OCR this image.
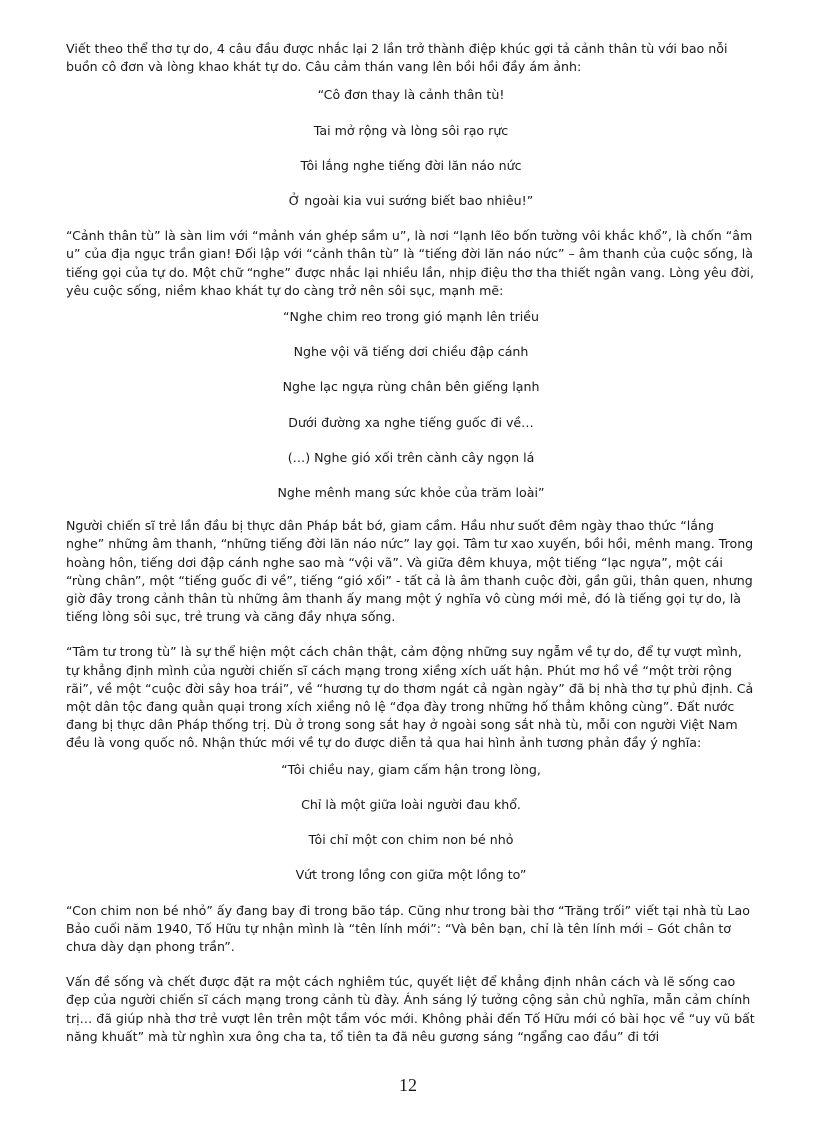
Viết theo thể thơ tự do, 4 câu đầu được nhắc lại 2 lần trở thành điệp khúc gợi tả cảnh thân tù với bao nỗi buồn cô đơn và lòng khao khát tự do. Câu cảm thán vang lên bồi hồi đầy ám ảnh:

“Cô đơn thay là cảnh thân tù!

Tai mở rộng và lòng sôi rạo rực

Tôi lắng nghe tiếng đời lăn náo nức

Ở ngoài kia vui sướng biết bao nhiêu!”

“Cảnh thân tù” là sàn lim với “mảnh ván ghép sầm u”, là nơi “lạnh lẽo bốn tường vôi khắc khổ”, là chốn “âm u” của địa ngục trần gian! Đối lập với “cảnh thân tù” là “tiếng đời lăn náo nức” – âm thanh của cuộc sống, là tiếng gọi của tự do. Một chữ “nghe” được nhắc lại nhiều lần, nhịp điệu thơ tha thiết ngân vang. Lòng yêu đời, yêu cuộc sống, niềm khao khát tự do càng trở nên sôi sục, mạnh mẽ:

“Nghe chim reo trong gió mạnh lên triều

Nghe vội vã tiếng dơi chiều đập cánh

Nghe lạc ngựa rùng chân bên giếng lạnh

Dưới đường xa nghe tiếng guốc đi về…

(…) Nghe gió xối trên cành cây ngọn lá

Nghe mênh mang sức khỏe của trăm loài”

Người chiến sĩ trẻ lần đầu bị thực dân Pháp bắt bớ, giam cầm. Hầu như suốt đêm ngày thao thức “lắng nghe” những âm thanh, “những tiếng đời lăn náo nức” lay gọi. Tâm tư xao xuyến, bồi hồi, mênh mang. Trong hoàng hôn, tiếng dơi đập cánh nghe sao mà “vội vã”. Và giữa đêm khuya, một tiếng “lạc ngựa”, một cái “rùng chân”, một “tiếng guốc đi về”, tiếng “gió xối” - tất cả là âm thanh cuộc đời, gần gũi, thân quen, nhưng giờ đây trong cảnh thân tù những âm thanh ấy mang một ý nghĩa vô cùng mới mẻ, đó là tiếng gọi tự do, là tiếng lòng sôi sục, trẻ trung và căng đầy nhựa sống.

“Tâm tư trong tù” là sự thể hiện một cách chân thật, cảm động những suy ngẫm về tự do, để tự vượt mình, tự khẳng định mình của người chiến sĩ cách mạng trong xiềng xích uất hận. Phút mơ hồ về “một trời rộng rãi”, về một “cuộc đời sây hoa trái”, về “hương tự do thơm ngát cả ngàn ngày” đã bị nhà thơ tự phủ định. Cả một dân tộc đang quằn quại trong xích xiềng nô lệ “đọa đày trong những hố thẳm không cùng”. Đất nước đang bị thực dân Pháp thống trị. Dù ở trong song sắt hay ở ngoài song sắt nhà tù, mỗi con người Việt Nam đều là vong quốc nô. Nhận thức mới về tự do được diễn tả qua hai hình ảnh tương phản đầy ý nghĩa:

“Tôi chiều nay, giam cấm hận trong lòng,

Chỉ là một giữa loài người đau khổ.

Tôi chỉ một con chim non bé nhỏ

Vứt trong lồng con giữa một lồng to”

“Con chim non bé nhỏ” ấy đang bay đi trong bão táp. Cũng như trong bài thơ “Trăng trối” viết tại nhà tù Lao Bảo cuối năm 1940, Tố Hữu tự nhận mình là “tên lính mới”: “Và bên bạn, chỉ là tên lính mới – Gót chân tơ chưa dày dạn phong trần”.

Vấn đề sống và chết được đặt ra một cách nghiêm túc, quyết liệt để khẳng định nhân cách và lẽ sống cao đẹp của người chiến sĩ cách mạng trong cảnh tù đày. Ánh sáng lý tưởng cộng sản chủ nghĩa, mẫn cảm chính trị… đã giúp nhà thơ trẻ vượt lên trên một tầm vóc mới. Không phải đến Tố Hữu mới có bài học về “uy vũ bất năng khuất” mà từ nghìn xưa ông cha ta, tổ tiên ta đã nêu gương sáng “ngẩng cao đầu” đi tới

12
